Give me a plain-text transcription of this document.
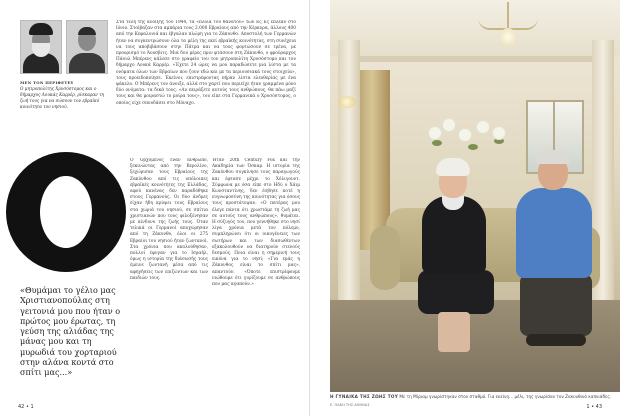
ΜΕΝ ΤΟΝ ΠΕΡΙΦΕΤΕΥ
Ο μητροπολίτης Χρυσόστομος και ο δήμαρχος Λουκάς Καρρέρ, ρίσκαραν τη ζωή τους για να σώσουν τον εβραϊκό κοινότητα του νησιού.
Στα τέλη της άνοιξης του 1944, τα «πλοία του θανάτου» των Ες Ες έπλεαν στο Ιόνιο. Στοίβαζαν στα αμπάρια τους 2.000 Εβραίους από την Κέρκυρα, άλλους 400 από την Κεφαλονιά και έβγαλαν πλώρη για το Ζάκυνθο. Αποστολή των Γερμανών ήταν να συγκεντρώσουν όλα τα μέλη της εκεί εβραϊκής κοινότητας, στη συνέχεια να τους αποβιβάσουν στην Πάτρα και να τους φορτώσουν σε τρένα, με προορισμό το Άουσβιτς. Μια δου μέρες πριν φτάσουν στη Ζάκυνθο, ο φρούραρχος Πάουλ Μπέρενς κάλεσε στο γραφείο του τον μητροπολίτη Χρυσόστομο και τον δήμαρχο Λουκά Καρρέρ. «Έχετε 24 ώρες να μου παραδώσετε μια λίστα με τα ονόματα όλων των Εβραίων που ζουν εδώ και με τα περιουσιακά τους στοιχεία», τους προειδοποίησε. Έκείνοι, επιστρέφοντας πήραν λίστα ελευθερίας με ένα φάκελο. Ο Μπέρενς τον άνοιξε, αλλά στο χαρτί που περιείχε ήταν γραμμένα μόνο δύο ονόματα: τα δικά τους. «Αν πειράξετε αυτούς τους ανθρώπους, θα πάω μαζί τους και θα μοιραστώ το μοίρα τους», του είπε στα Γερμανικά ο Χρυσόστομος, ο οποίος είχε σπουδάσει στο Μόναχο.
Ο Ορχομενός έναν άνθρωπο, ξεκινώντας από την Βερολίνο, ξεχώρισαν τους Εβραίους της Ζακύνθου από τις υπόλοιπες εβραϊκές κοινότητες της Ελλάδας, αφού κανένας δεν παραδόθηκε στους Γερμανούς. Οι δύο άνδρες είχαν ήδη κρύψει τους Εβραίους στα χωριά του νησιού, σε σπίτια χριστιανών που τους φιλοξένησαν με κίνδυνο της ζωής τους. Όταν τελικά οι Γερμανοί αποχώρησαν από τη Ζάκυνθο, όλοι οι 275 Εβραίοι του νησιού ήταν ζωντανοί. Στα χρόνια που ακολούθησαν, πολλοί έφυγαν για το Ισραήλ, όμως η ιστορία της διάσωσής τους έμεινε ζωντανή μέσα από τις αφηγήσεις των επιζώντων και των παιδιών τους.
Ήταν 20th Century Fox και την Ακαδημία των Όσκαρ. Η ιστορία της Ζακύνθου συγκίνησε τους παραγωγούς και έφτασε μέχρι το Χόλιγουντ. Σύμφωνα με όσα είπε στο Ηδύ ο Χάιμ Κωνσταντίνης, δεν έσβησε ποτέ η ευγνωμοσύνη της κοινότητας για όσους τους προστάτεψαν. «Ο πατέρας μου έλεγε πάντα ότι χρωστάμε τη ζωή μας σε αυτούς τους ανθρώπους», θυμάται. Η σύζυγός του, που γεννήθηκε στο νησί λίγα χρόνια μετά τον πόλεμο, συμπληρώνει ότι οι οικογένειες των σωτήρων και των διασωθέντων εξακολουθούν να διατηρούν στενούς δεσμούς. Ποια είναι η σημερινή τους εικόνα για το νησί; «Για εμάς η Ζάκυνθος είναι το σπίτι μας», απαντούν. «Όποτε επιστρέφουμε νιώθουμε ότι γυρίζουμε σε ανθρώπους που μας αγαπούν.»
«Θυμάμαι το γέλιο μας Χριστιανοπούλας στη γειτονιά μου που ήταν ο πρώτος μου έρωτας, τη γεύση της αλιάδας της μάνας μου και τη μυρωδιά του χορταριού στην αλάνα κοντά στο σπίτι μας...»
42 • 1
Η ΓΥΝΑΙΚΑ ΤΗΣ ΖΩΗΣ ΤΟΥ Με τη Μίριαμ γνωρίστηκαν στον σταθμό. Για εκείνη... μέλι, της γνωρίσαν τον Ζακυνθινό καπνιάδες.
Ε. ΠΑΚΗ ΤΗΣ ΑΘΗΝΑΣ	1 • 43
